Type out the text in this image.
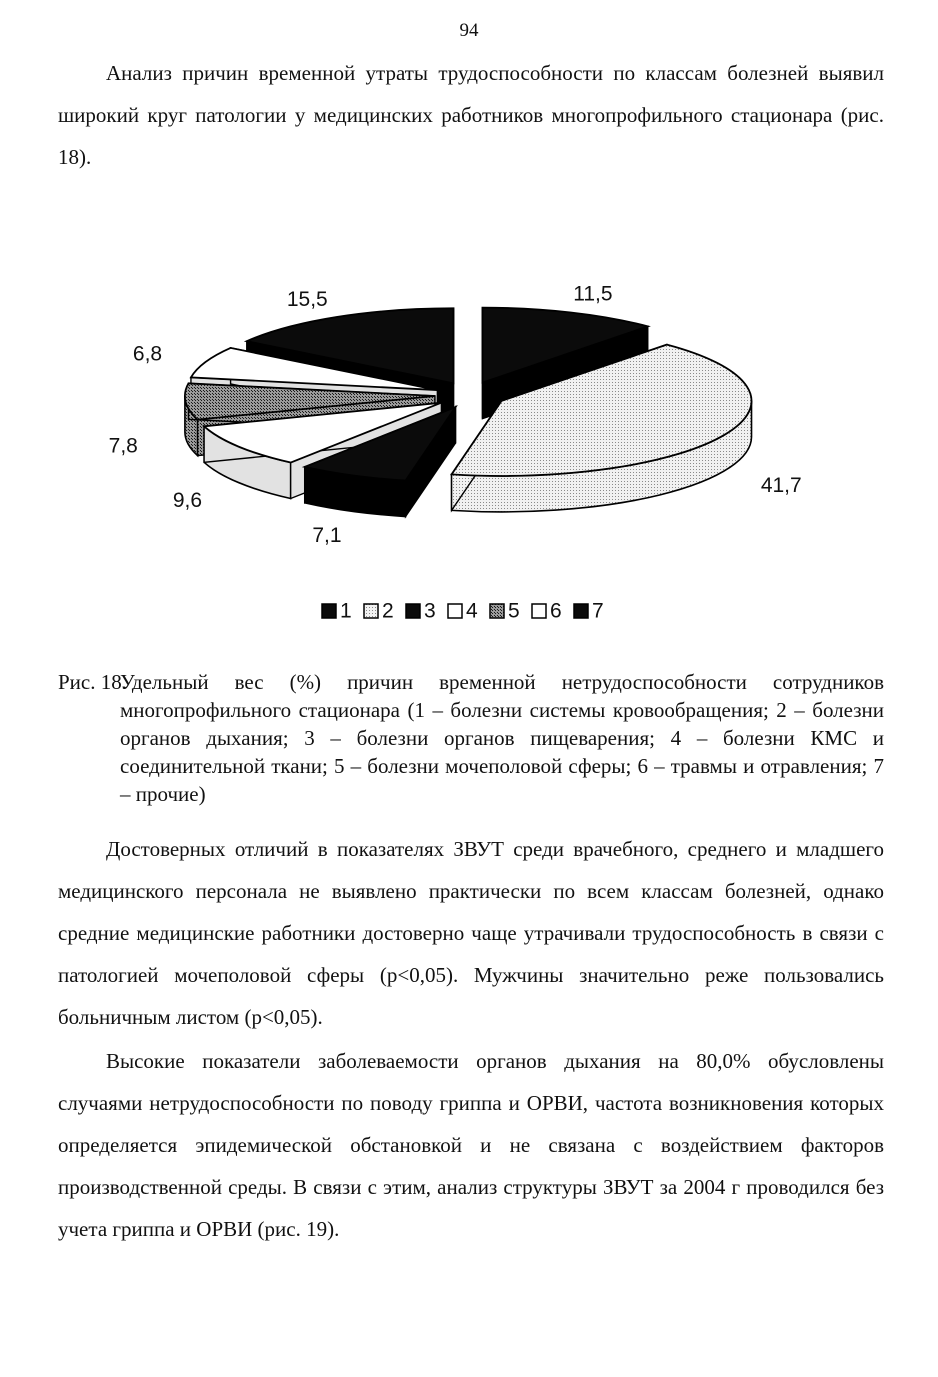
94

Анализ причин временной утраты трудоспособности по классам болезней выявил широкий круг патологии у медицинских работников многопрофильного стационара (рис. 18).

11,5
41,7
7,1
9,6
7,8
6,8
15,5
1 2 3 4 5 6 7

Рис. 18.
Удельный вес (%) причин временной нетрудоспособности сотрудников многопрофильного стационара (1 – болезни системы кровообращения; 2 – болезни органов дыхания; 3 – болезни органов пищеварения; 4 – болезни КМС и соединительной ткани; 5 – болезни мочеполовой сферы; 6 – травмы и отравления; 7 – прочие)

Достоверных отличий в показателях ЗВУТ среди врачебного, среднего и младшего медицинского персонала не выявлено практически по всем классам болезней, однако средние медицинские работники достоверно чаще утрачивали трудоспособность в связи с патологией мочеполовой сферы (p<0,05). Мужчины значительно реже пользовались больничным листом (p<0,05).

Высокие показатели заболеваемости органов дыхания на 80,0% обусловлены случаями нетрудоспособности по поводу гриппа и ОРВИ, частота возникновения которых определяется эпидемической обстановкой и не связана с воздействием факторов производственной среды. В связи с этим, анализ структуры ЗВУТ за 2004 г проводился без учета гриппа и ОРВИ (рис. 19).
